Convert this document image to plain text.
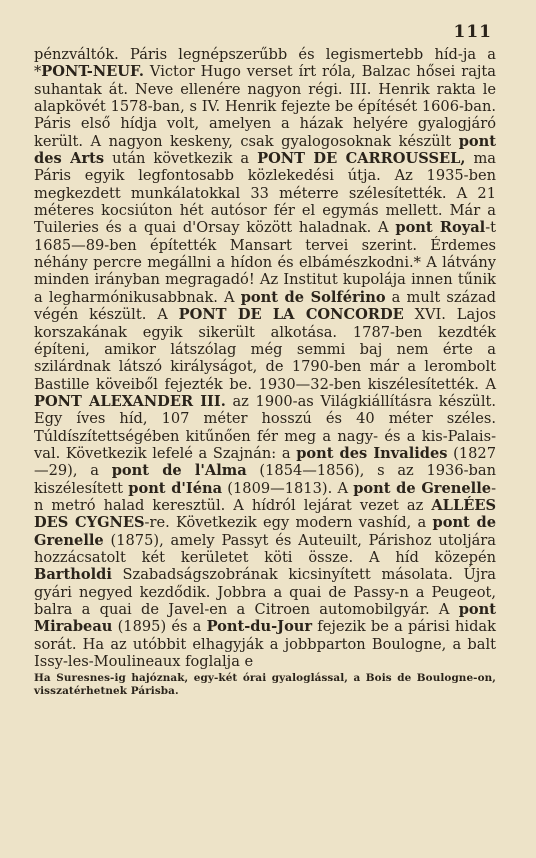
111

pénzváltók. Páris legnépszerűbb és legismertebb híd-ja a *PONT-NEUF. Victor Hugo verset írt róla, Balzac hősei rajta suhantak át. Neve ellenére nagyon régi. III. Henrik rakta le alapkövét 1578-ban, s IV. Henrik fejezte be építését 1606-ban. Páris első hídja volt, amelyen a házak helyére gyalogjáró került. A nagyon keskeny, csak gyalogosoknak készült pont des Arts után következik a PONT DE CARROUSSEL, ma Páris egyik legfontosabb közlekedési útja. Az 1935-ben megkezdett munkálatokkal 33 méterre szélesítették. A 21 méteres kocsiúton hét autósor fér el egymás mellett. Már a Tuileries és a quai d'Orsay között haladnak. A pont Royal-t 1685—89-ben építették Mansart tervei szerint. Érdemes néhány percre megállni a hídon és elbámészkodni.* A látvány minden irányban megragadó! Az Institut kupolája innen tűnik a legharmónikusabbnak. A pont de Solférino a mult század végén készült. A PONT DE LA CONCORDE XVI. Lajos korszakának egyik sikerült alkotása. 1787-ben kezdték építeni, amikor látszólag még semmi baj nem érte a szilárdnak látszó királyságot, de 1790-ben már a lerombolt Bastille köveiből fejezték be. 1930—32-ben kiszélesítették. A PONT ALEXANDER III. az 1900-as Világkiállításra készült. Egy íves híd, 107 méter hosszú és 40 méter széles. Túldíszítettségében kitűnően fér meg a nagy- és a kis-Palais-val. Következik lefelé a Szajnán: a pont des Invalides (1827—29), a pont de l'Alma (1854—1856), s az 1936-ban kiszélesített pont d'Iéna (1809—1813). A pont de Grenelle-n metró halad keresztül. A hídról lejárat vezet az ALLÉES DES CYGNES-re. Következik egy modern vashíd, a pont de Grenelle (1875), amely Passyt és Auteuilt, Párishoz utoljára hozzácsatolt két kerületet köti össze. A híd közepén Bartholdi Szabadságszobrának kicsinyített másolata. Újra gyári negyed kezdődik. Jobbra a quai de Passy-n a Peugeot, balra a quai de Javel-en a Citroen automobilgyár. A pont Mirabeau (1895) és a Pont-du-Jour fejezik be a párisi hidak sorát. Ha az utóbbit elhagyják a jobbparton Boulogne, a balt Issy-les-Moulineaux foglalja e

Ha Suresnes-ig hajóznak, egy-két órai gyaloglással, a Bois de Boulogne-on, visszatérhetnek Párisba.
